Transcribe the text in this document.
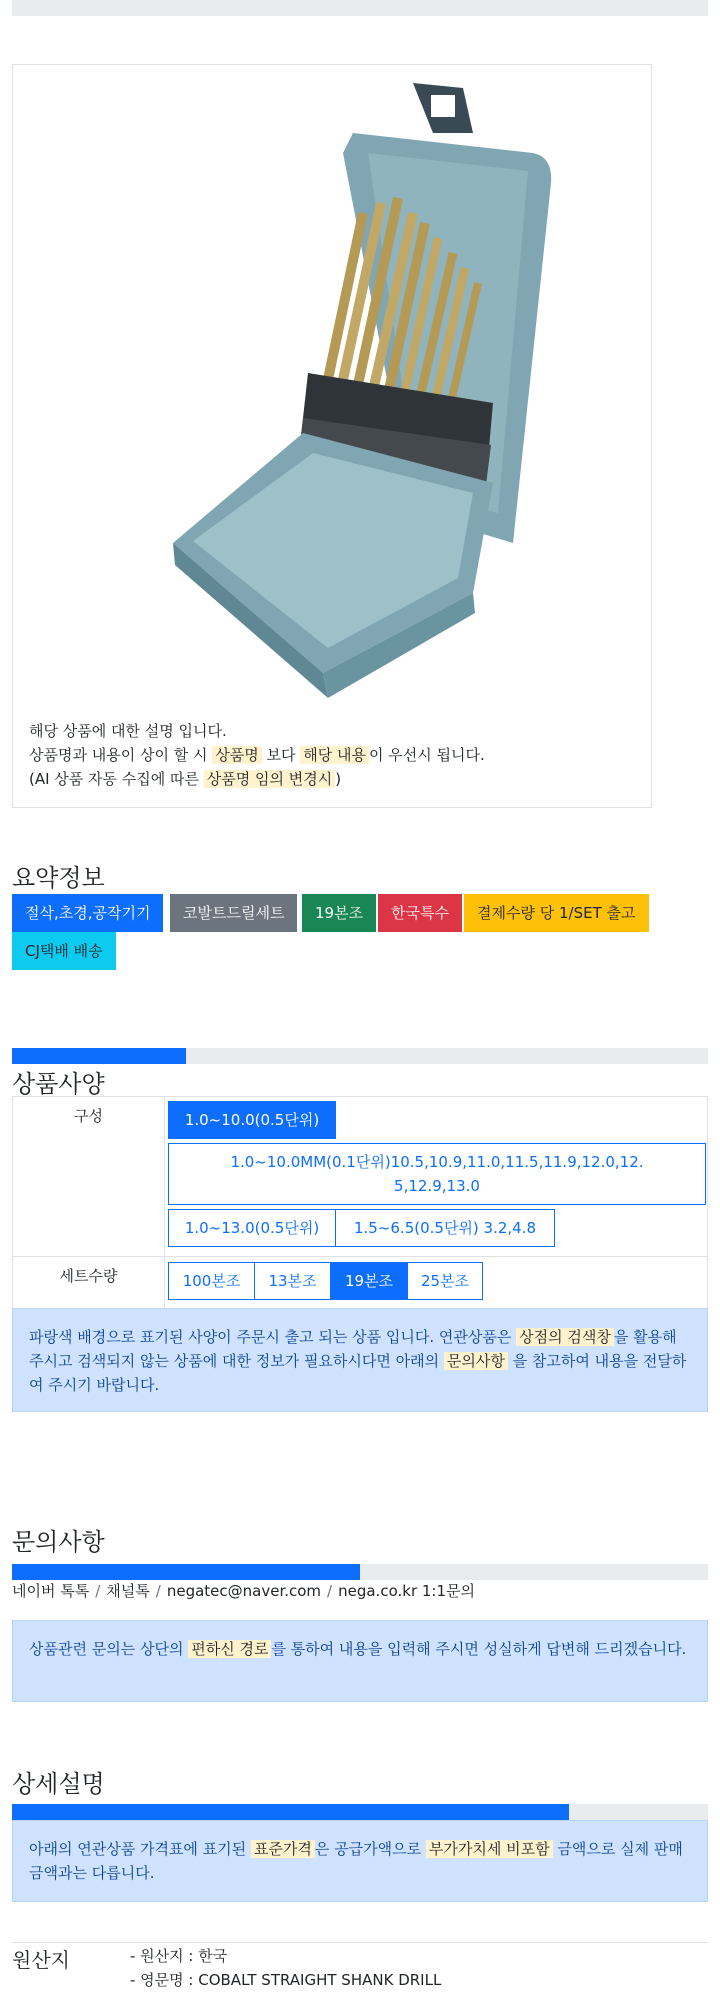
해당 상품에 대한 설명 입니다.
상품명과 내용이 상이 할 시 상품명 보다 해당 내용 이 우선시 됩니다.
(AI 상품 자동 수집에 따른 상품명 임의 변경시 )
요약정보
절삭,초경,공작기기	코발트드릴세트	19본조	한국특수	결제수량 당 1/SET 출고
CJ택배 배송
상품사양
구성	1.0~10.0(0.5단위)
1.0~10.0MM(0.1단위)10.5,10.9,11.0,11.5,11.9,12.0,12.5,12.9,13.0
1.0~13.0(0.5단위)	1.5~6.5(0.5단위) 3.2,4.8
세트수량	100본조	13본조	19본조	25본조
파랑색 배경으로 표기된 사양이 주문시 출고 되는 상품 입니다. 연관상품은 상점의 검색창 을 활용해 주시고 검색되지 않는 상품에 대한 정보가 필요하시다면 아래의 문의사항 을 참고하여 내용을 전달하여 주시기 바랍니다.
문의사항
네이버 톡톡 / 채널톡 / negatec@naver.com / nega.co.kr 1:1문의
상품관련 문의는 상단의 편하신 경로 를 통하여 내용을 입력해 주시면 성실하게 답변해 드리겠습니다.
상세설명
아래의 연관상품 가격표에 표기된 표준가격 은 공급가액으로 부가가치세 비포함 금액으로 실제 판매금액과는 다릅니다.
원산지	- 원산지 : 한국
- 영문명 : COBALT STRAIGHT SHANK DRILL
